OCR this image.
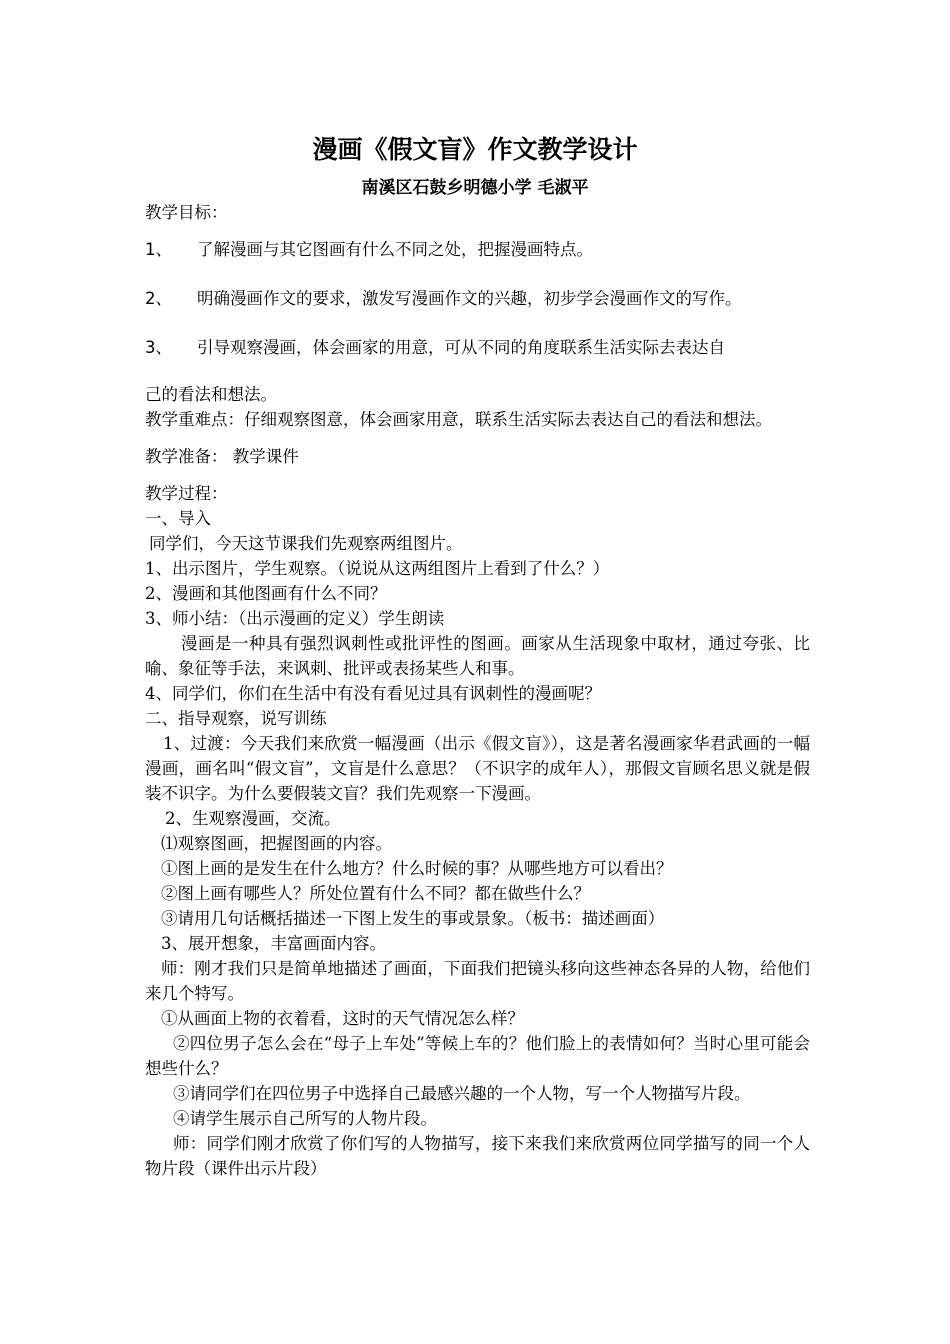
漫画《假文盲》作文教学设计
南溪区石鼓乡明德小学 毛淑平

教学目标：

1、	了解漫画与其它图画有什么不同之处，把握漫画特点。
2、	明确漫画作文的要求，激发写漫画作文的兴趣，初步学会漫画作文的写作。
3、	引导观察漫画，体会画家的用意，可从不同的角度联系生活实际去表达自

己的看法和想法。

教学重难点：仔细观察图意，体会画家用意，联系生活实际去表达自己的看法和想法。

教学准备： 教学课件

教学过程：

一、导入

同学们，今天这节课我们先观察两组图片。

1、出示图片，学生观察。（说说从这两组图片上看到了什么？）

2、漫画和其他图画有什么不同？

3、师小结：（出示漫画的定义）学生朗读

漫画是一种具有强烈讽刺性或批评性的图画。画家从生活现象中取材，通过夸张、比喻、象征等手法，来讽刺、批评或表扬某些人和事。

4、同学们，你们在生活中有没有看见过具有讽刺性的漫画呢？

二、指导观察，说写训练

1、过渡：今天我们来欣赏一幅漫画（出示《假文盲》），这是著名漫画家华君武画的一幅漫画，画名叫“假文盲”，文盲是什么意思？（不识字的成年人），那假文盲顾名思义就是假装不识字。为什么要假装文盲？我们先观察一下漫画。

2、生观察漫画，交流。

⑴观察图画，把握图画的内容。

①图上画的是发生在什么地方？什么时候的事？从哪些地方可以看出？

②图上画有哪些人？所处位置有什么不同？都在做些什么？

③请用几句话概括描述一下图上发生的事或景象。（板书：描述画面）

3、展开想象，丰富画面内容。

师：刚才我们只是简单地描述了画面，下面我们把镜头移向这些神态各异的人物，给他们来几个特写。

①从画面上物的衣着看，这时的天气情况怎么样？

②四位男子怎么会在“母子上车处”等候上车的？他们脸上的表情如何？当时心里可能会想些什么？

③请同学们在四位男子中选择自己最感兴趣的一个人物，写一个人物描写片段。

④请学生展示自己所写的人物片段。

师：同学们刚才欣赏了你们写的人物描写，接下来我们来欣赏两位同学描写的同一个人物片段（课件出示片段）
